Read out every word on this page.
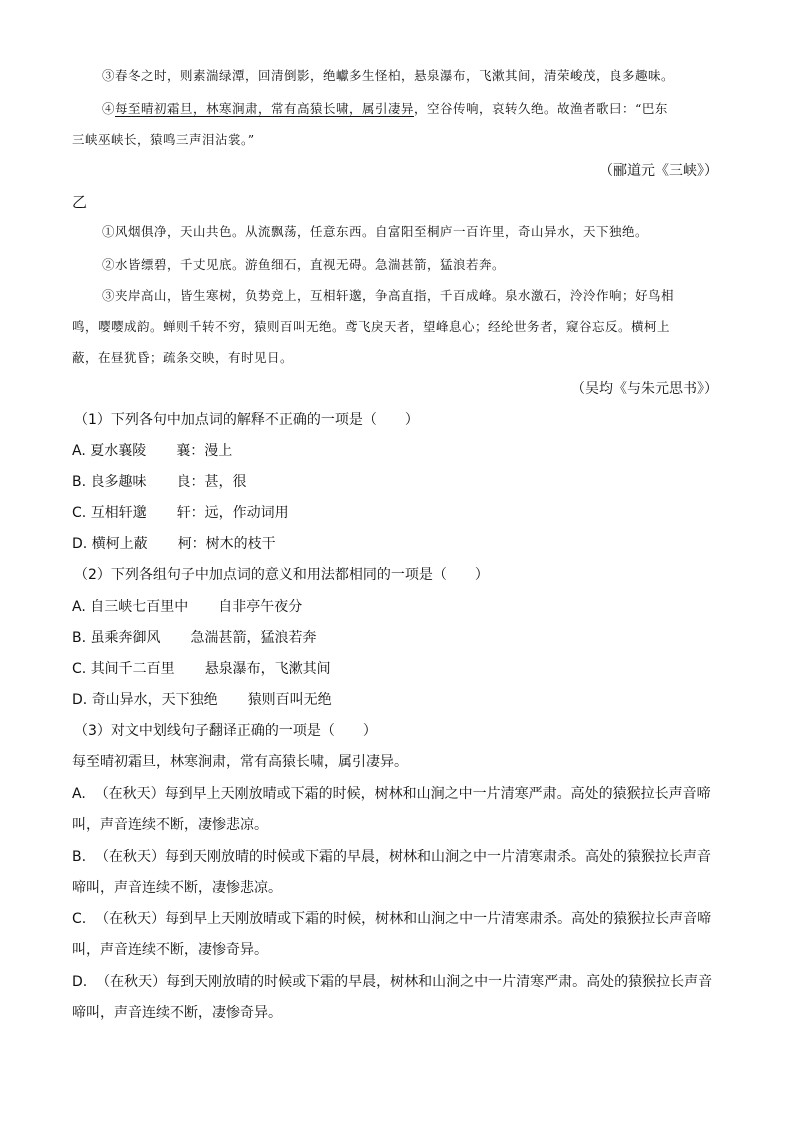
③春冬之时，则素湍绿潭，回清倒影，绝巘多生怪柏，悬泉瀑布，飞漱其间，清荣峻茂，良多趣味。
④每至晴初霜旦，林寒涧肃，常有高猿长啸，属引凄异，空谷传响，哀转久绝。故渔者歌曰：“巴东
三峡巫峡长，猿鸣三声泪沾裳。”
（郦道元《三峡》）
乙
①风烟俱净，天山共色。从流飘荡，任意东西。自富阳至桐庐一百许里，奇山异水，天下独绝。
②水皆缥碧，千丈见底。游鱼细石，直视无碍。急湍甚箭，猛浪若奔。
③夹岸高山，皆生寒树，负势竞上，互相轩邈，争高直指，千百成峰。泉水激石，泠泠作响；好鸟相
鸣，嘤嘤成韵。蝉则千转不穷，猿则百叫无绝。鸢飞戾天者，望峰息心；经纶世务者，窥谷忘反。横柯上
蔽，在昼犹昏；疏条交映，有时见日。
（吴均《与朱元思书》）
（1）下列各句中加点词的解释不正确的一项是（　　）
A. 夏水襄陵 襄：漫上
B. 良多趣味 良：甚，很
C. 互相轩邈 轩：远，作动词用
D. 横柯上蔽 柯：树木的枝干
（2）下列各组句子中加点词的意义和用法都相同的一项是（　　）
A. 自三峡七百里中 自非亭午夜分
B. 虽乘奔御风 急湍甚箭，猛浪若奔
C. 其间千二百里 悬泉瀑布，飞漱其间
D. 奇山异水，天下独绝 猿则百叫无绝
（3）对文中划线句子翻译正确的一项是（　　）
每至晴初霜旦，林寒涧肃，常有高猿长啸，属引凄异。
A. （在秋天）每到早上天刚放晴或下霜的时候，树林和山涧之中一片清寒严肃。高处的猿猴拉长声音啼
叫，声音连续不断，凄惨悲凉。
B. （在秋天）每到天刚放晴的时候或下霜的早晨，树林和山涧之中一片清寒肃杀。高处的猿猴拉长声音
啼叫，声音连续不断，凄惨悲凉。
C. （在秋天）每到早上天刚放晴或下霜的时候，树林和山涧之中一片清寒肃杀。高处的猿猴拉长声音啼
叫，声音连续不断，凄惨奇异。
D. （在秋天）每到天刚放晴的时候或下霜的早晨，树林和山涧之中一片清寒严肃。高处的猿猴拉长声音
啼叫，声音连续不断，凄惨奇异。
